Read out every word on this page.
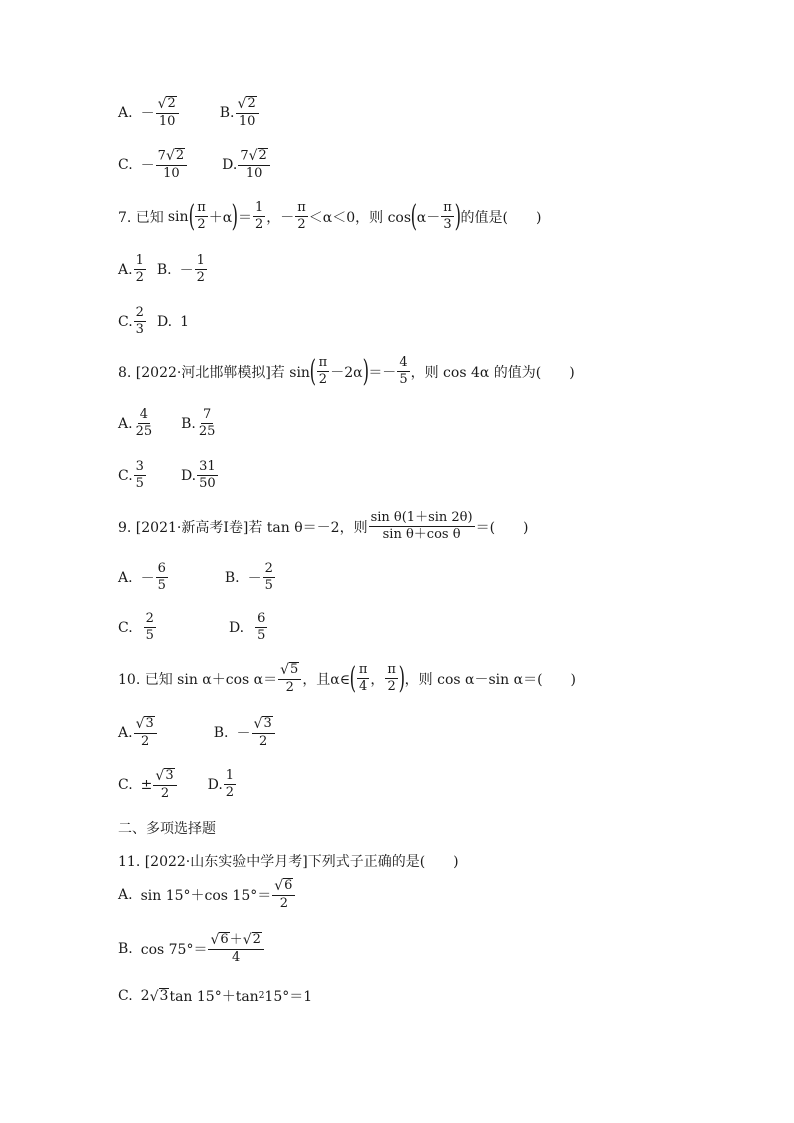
A. － $\frac{√ 2}{10}$	B. $\frac{√ 2}{10}$
C. － $\frac{7 √ 2}{10}$	D. $\frac{7 √ 2}{10}$
7. 已知 sin ( $\frac{\pi}{2} +\alpha$ ) ＝ $\frac{1}{2}$ ，－ $\frac{\pi}{2} <\alpha<0$，则 cos ( $\alpha- \frac{\pi}{3}$ ) 的值是(　　)
A. $\frac{1}{2} B$. － $\frac{1}{2}$
C. $\frac{2}{3} D$. 1
8. [2022·河北邯郸模拟]若 sin ( $\frac{\pi}{2} -2\alpha$ ) ＝－ $\frac{4}{5}$ ，则 cos 4α 的值为(　　)
A. $\frac{4}{25} B$. $\frac{7}{25}$
C. $\frac{3}{5}$	D. $\frac{31}{50}$
9. [2021·新高考Ⅰ卷]若 tan θ＝－2，则 $\frac{\text{sin θ(1＋sin 2θ)}}{\text{sin θ＋cos θ}}$ ＝(　　)
A. － $\frac{6}{5}$	B. － $\frac{2}{5}$
C. $\frac{2}{5}$	D. $\frac{6}{5}$
10. 已知 sin α＋cos $\alpha= \frac{√ 5}{2}$ ，且α∈ ( $\frac{\pi}{4}$ ， $\frac{\pi}{2}$ ) ，则 cos α－sin α＝(　　)
A. $\frac{√ 3}{2}$	B. － $\frac{√ 3}{2}$
C. ± $\frac{√ 3}{2} D$. $\frac{1}{2}$
二、多项选择题
11. [2022·山东实验中学月考]下列式子正确的是(　　)
A. sin 15°＋cos $15^\circ= \frac{√ 6}{2}$
B. $\cos 75^\circ= \frac{√ 6 + √ 2}{4}$
C. 2 √ 3 tan 15°＋tan 2 15°＝1
